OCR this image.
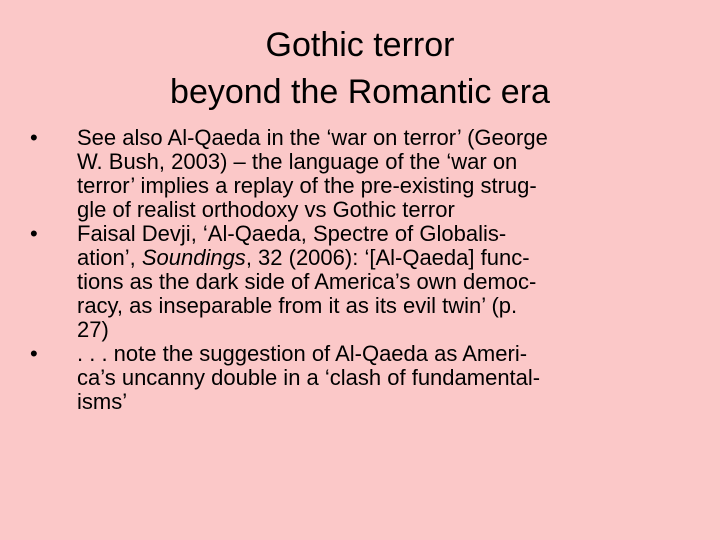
Gothic terror
beyond the Romantic era
• See also Al-Qaeda in the ‘war on terror’ (George
W. Bush, 2003) – the language of the ‘war on
terror’ implies a replay of the pre-existing strug-
gle of realist orthodoxy vs Gothic terror
• Faisal Devji, ‘Al-Qaeda, Spectre of Globalis-
ation’, Soundings, 32 (2006): ‘[Al-Qaeda] func-
tions as the dark side of America’s own democ-
racy, as inseparable from it as its evil twin’ (p.
27)
• . . . note the suggestion of Al-Qaeda as Ameri-
ca’s uncanny double in a ‘clash of fundamental-
isms’
